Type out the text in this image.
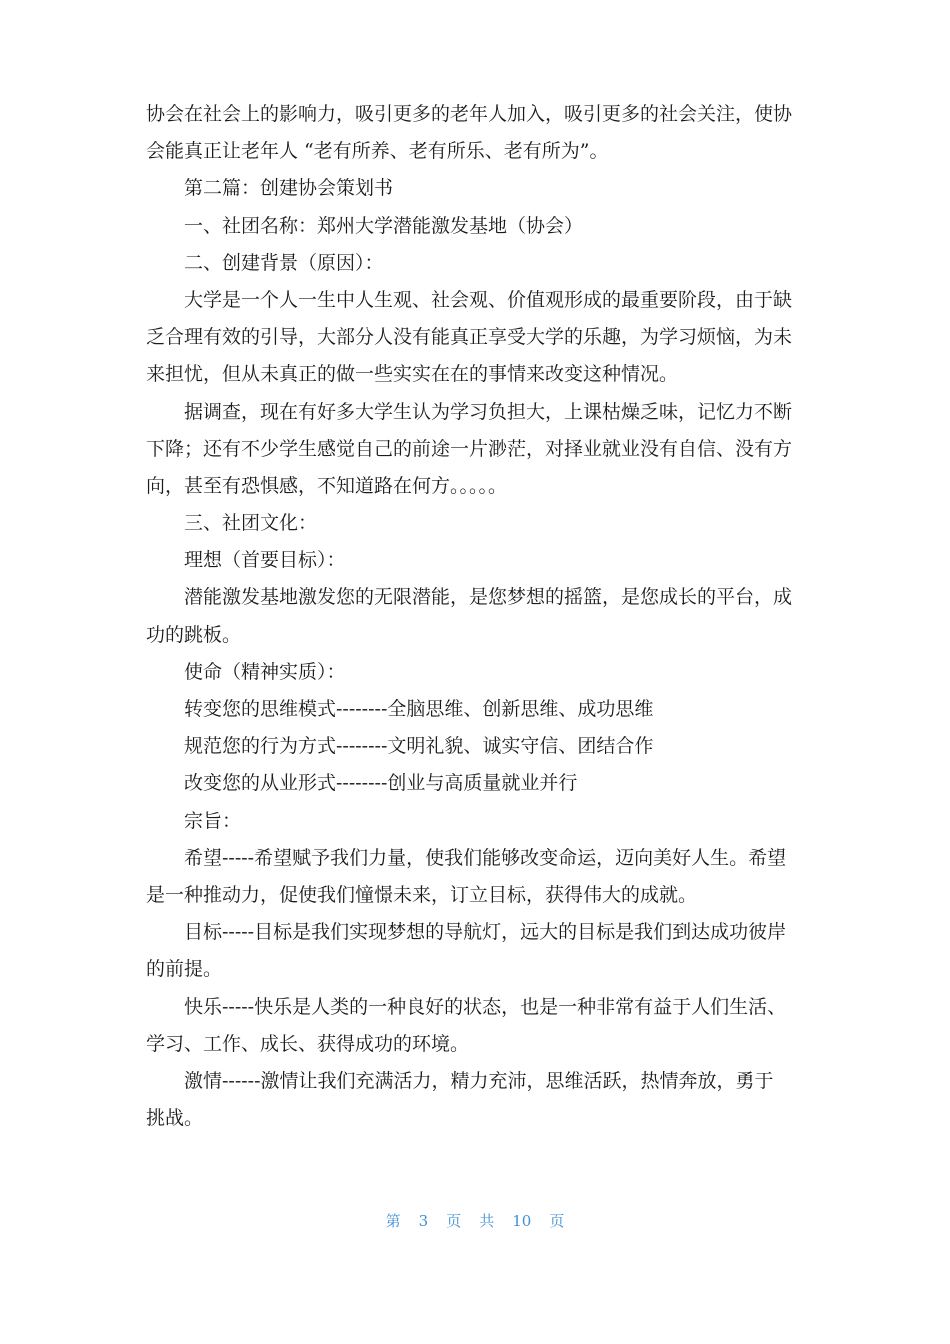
协会在社会上的影响力，吸引更多的老年人加入，吸引更多的社会关注，使协

会能真正让老年人 “老有所养、老有所乐、老有所为”。

第二篇：创建协会策划书

一、社团名称：郑州大学潜能激发基地（协会）

二、创建背景（原因）：

大学是一个人一生中人生观、社会观、价值观形成的最重要阶段，由于缺

乏合理有效的引导，大部分人没有能真正享受大学的乐趣，为学习烦恼，为未

来担忧，但从未真正的做一些实实在在的事情来改变这种情况。

据调查，现在有好多大学生认为学习负担大，上课枯燥乏味，记忆力不断

下降；还有不少学生感觉自己的前途一片渺茫，对择业就业没有自信、没有方

向，甚至有恐惧感，不知道路在何方。。。。。

三、社团文化：

理想（首要目标）：

潜能激发基地激发您的无限潜能，是您梦想的摇篮，是您成长的平台，成

功的跳板。

使命（精神实质）：

转变您的思维模式--------全脑思维、创新思维、成功思维

规范您的行为方式--------文明礼貌、诚实守信、团结合作

改变您的从业形式--------创业与高质量就业并行

宗旨：

希望-----希望赋予我们力量，使我们能够改变命运，迈向美好人生。希望

是一种推动力，促使我们憧憬未来，订立目标，获得伟大的成就。

目标-----目标是我们实现梦想的导航灯，远大的目标是我们到达成功彼岸

的前提。

快乐-----快乐是人类的一种良好的状态，也是一种非常有益于人们生活、

学习、工作、成长、获得成功的环境。

激情------激情让我们充满活力，精力充沛，思维活跃，热情奔放，勇于

挑战。

第 3 页 共 10 页
